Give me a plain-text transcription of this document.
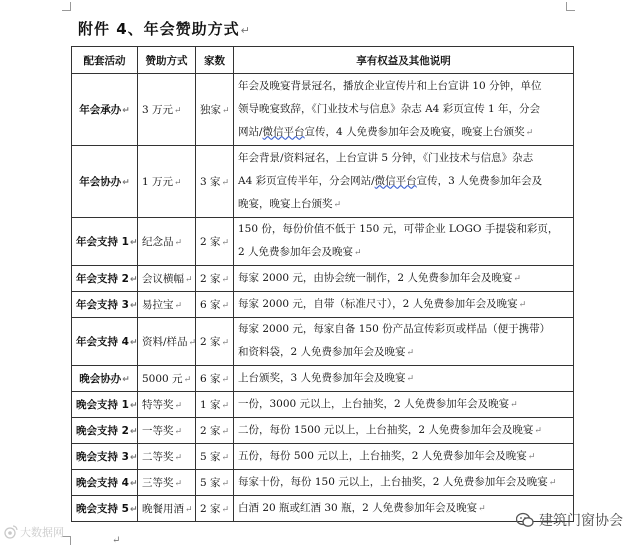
附件 4、年会赞助方式↵
配套活动	赞助方式	家数	享有权益及其他说明
年会承办↵	3 万元↵	独家↵	年会及晚宴背景冠名，播放企业宣传片和上台宣讲 10 分钟，单位
领导晚宴致辞，《门业技术与信息》杂志 A4 彩页宣传 1 年，分会
网站/微信平台宣传，4 人免费参加年会及晚宴，晚宴上台颁奖↵

年会协办↵	1 万元↵	3 家↵	年会背景/资料冠名，上台宣讲 5 分钟，《门业技术与信息》杂志
A4 彩页宣传半年，分会网站/微信平台宣传，3 人免费参加年会及
晚宴，晚宴上台颁奖↵

年会支持 1↵	纪念品↵	2 家↵	150 份，每份价值不低于 150 元，可带企业 LOGO 手提袋和彩页，
2 人免费参加年会及晚宴↵

年会支持 2↵	会议横幅↵	2 家↵	每家 2000 元，由协会统一制作，2 人免费参加年会及晚宴↵

年会支持 3↵	易拉宝↵	6 家↵	每家 2000 元，自带（标准尺寸），2 人免费参加年会及晚宴↵

年会支持 4↵	资料/样品↵	2 家↵	每家 2000 元，每家自备 150 份产品宣传彩页或样品（便于携带）
和资料袋，2 人免费参加年会及晚宴↵

晚会协办↵	5000 元↵	6 家↵	上台颁奖，3 人免费参加年会及晚宴↵

晚会支持 1↵	特等奖↵	1 家↵	一份，3000 元以上，上台抽奖，2 人免费参加年会及晚宴↵

晚会支持 2↵	一等奖↵	2 家↵	二份，每份 1500 元以上，上台抽奖，2 人免费参加年会及晚宴↵

晚会支持 3↵	二等奖↵	5 家↵	五份，每份 500 元以上，上台抽奖，2 人免费参加年会及晚宴↵

晚会支持 4↵	三等奖↵	5 家↵	每家十份，每份 150 元以上，上台抽奖，2 人免费参加年会及晚宴↵

晚会支持 5↵	晚餐用酒↵	2 家↵	白酒 20 瓶或红酒 30 瓶，2 人免费参加年会及晚宴↵
大数据网
建筑门窗协会
↵
